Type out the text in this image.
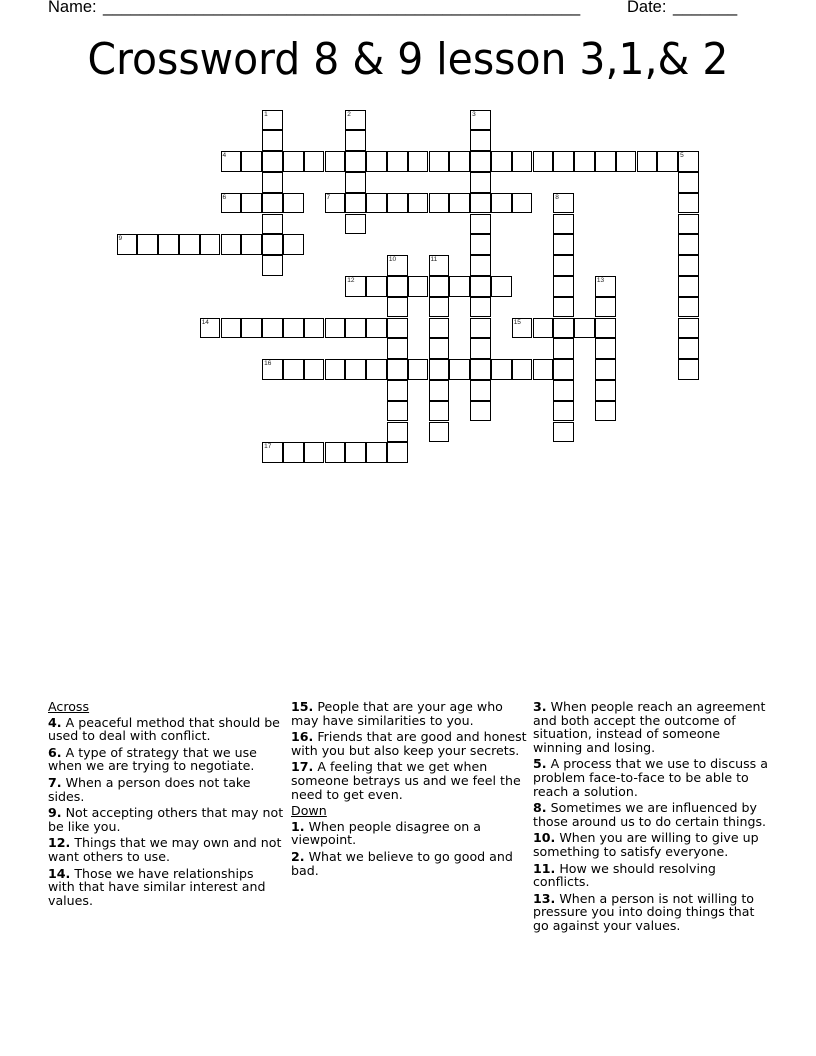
Name: ____________________________________________________	Date: _______
Crossword 8 & 9 lesson 3,1,& 2
1	2	3
4	5
6	7	8
9
10	11
12	13
14	15
16
17
Across
4. A peaceful method that should be used to deal with conflict.
6. A type of strategy that we use when we are trying to negotiate.
7. When a person does not take sides.
9. Not accepting others that may not be like you.
12. Things that we may own and not want others to use.
14. Those we have relationships with that have similar interest and values.
15. People that are your age who may have similarities to you.
16. Friends that are good and honest with you but also keep your secrets.
17. A feeling that we get when someone betrays us and we feel the need to get even.
Down
1. When people disagree on a viewpoint.
2. What we believe to go good and bad.
3. When people reach an agreement and both accept the outcome of situation, instead of someone winning and losing.
5. A process that we use to discuss a problem face-to-face to be able to reach a solution.
8. Sometimes we are influenced by those around us to do certain things.
10. When you are willing to give up something to satisfy everyone.
11. How we should resolving conflicts.
13. When a person is not willing to pressure you into doing things that go against your values.
